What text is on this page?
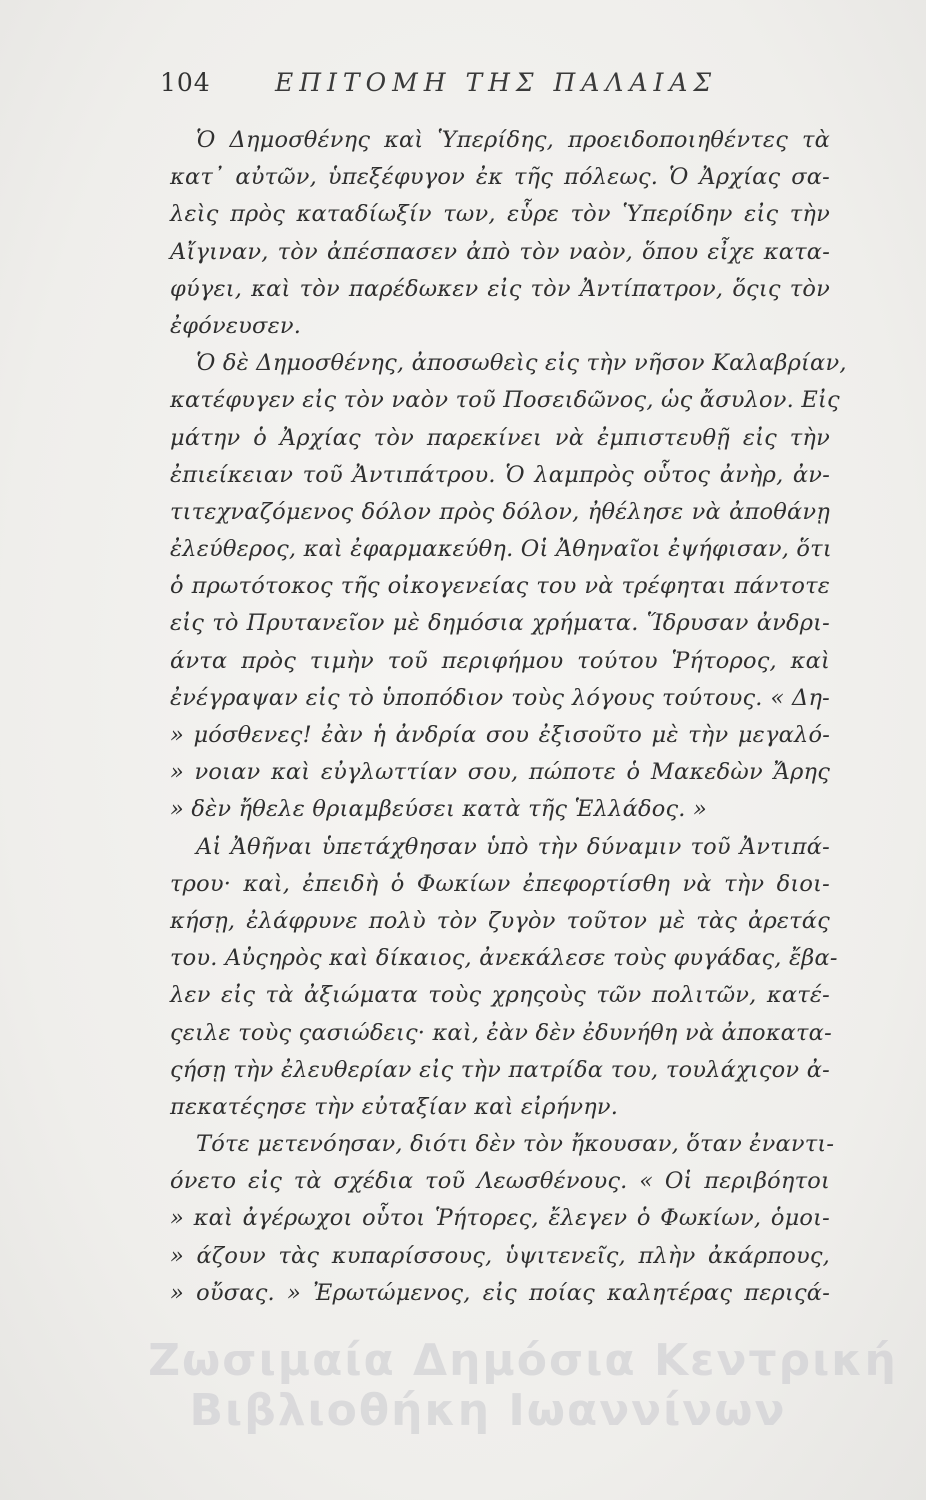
104	ΕΠΙΤΟΜΗ ΤΗΣ ΠΑΛΑΙΑΣ
Ὁ Δημοσθένης καὶ Ὑπερίδης, προειδοποιηθέντες τὰ
κατ᾽ αὐτῶν, ὑπεξέφυγον ἐκ τῆς πόλεως. Ὁ Ἀρχίας σα-
λεὶς πρὸς καταδίωξίν των, εὗρε τὸν Ὑπερίδην εἰς τὴν
Αἴγιναν, τὸν ἀπέσπασεν ἀπὸ τὸν ναὸν, ὅπου εἶχε κατα-
φύγει, καὶ τὸν παρέδωκεν εἰς τὸν Ἀντίπατρον, ὅςις τὸν
ἐφόνευσεν.
Ὁ δὲ Δημοσθένης, ἀποσωθεὶς εἰς τὴν νῆσον Καλαβρίαν,
κατέφυγεν εἰς τὸν ναὸν τοῦ Ποσειδῶνος, ὡς ἄσυλον. Εἰς
μάτην ὁ Ἀρχίας τὸν παρεκίνει νὰ ἐμπιστευθῇ εἰς τὴν
ἐπιείκειαν τοῦ Ἀντιπάτρου. Ὁ λαμπρὸς οὗτος ἀνὴρ, ἀν-
τιτεχναζόμενος δόλον πρὸς δόλον, ἠθέλησε νὰ ἀποθάνῃ
ἐλεύθερος, καὶ ἐφαρμακεύθη. Οἱ Ἀθηναῖοι ἐψήφισαν, ὅτι
ὁ πρωτότοκος τῆς οἰκογενείας του νὰ τρέφηται πάντοτε
εἰς τὸ Πρυτανεῖον μὲ δημόσια χρήματα. Ἵδρυσαν ἀνδρι-
άντα πρὸς τιμὴν τοῦ περιφήμου τούτου Ῥήτορος, καὶ
ἐνέγραψαν εἰς τὸ ὑποπόδιον τοὺς λόγους τούτους. « Δη-
» μόσθενες! ἐὰν ἡ ἀνδρία σου ἐξισοῦτο μὲ τὴν μεγαλό-
» νοιαν καὶ εὐγλωττίαν σου, πώποτε ὁ Μακεδὼν Ἄρης
» δὲν ἤθελε θριαμβεύσει κατὰ τῆς Ἑλλάδος. »
Αἱ Ἀθῆναι ὑπετάχθησαν ὑπὸ τὴν δύναμιν τοῦ Ἀντιπά-
τρου· καὶ, ἐπειδὴ ὁ Φωκίων ἐπεφορτίσθη νὰ τὴν διοι-
κήσῃ, ἐλάφρυνε πολὺ τὸν ζυγὸν τοῦτον μὲ τὰς ἀρετάς
του. Αὐςηρὸς καὶ δίκαιος, ἀνεκάλεσε τοὺς φυγάδας, ἔβα-
λεν εἰς τὰ ἀξιώματα τοὺς χρηςοὺς τῶν πολιτῶν, κατέ-
ςειλε τοὺς ςασιώδεις· καὶ, ἐὰν δὲν ἐδυνήθη νὰ ἀποκατα-
ςήσῃ τὴν ἐλευθερίαν εἰς τὴν πατρίδα του, τουλάχιςον ἀ-
πεκατέςησε τὴν εὐταξίαν καὶ εἰρήνην.
Τότε μετενόησαν, διότι δὲν τὸν ἤκουσαν, ὅταν ἐναντι-
όνετο εἰς τὰ σχέδια τοῦ Λεωσθένους. « Οἱ περιβόητοι
» καὶ ἀγέρωχοι οὗτοι Ῥήτορες, ἔλεγεν ὁ Φωκίων, ὁμοι-
» άζουν τὰς κυπαρίσσους, ὑψιτενεῖς, πλὴν ἀκάρπους,
» οὔσας. » Ἐρωτώμενος, εἰς ποίας καλητέρας περιςά-
Ζωσιμαία Δημόσια Κεντρική
Βιβλιοθήκη Ιωαννίνων
